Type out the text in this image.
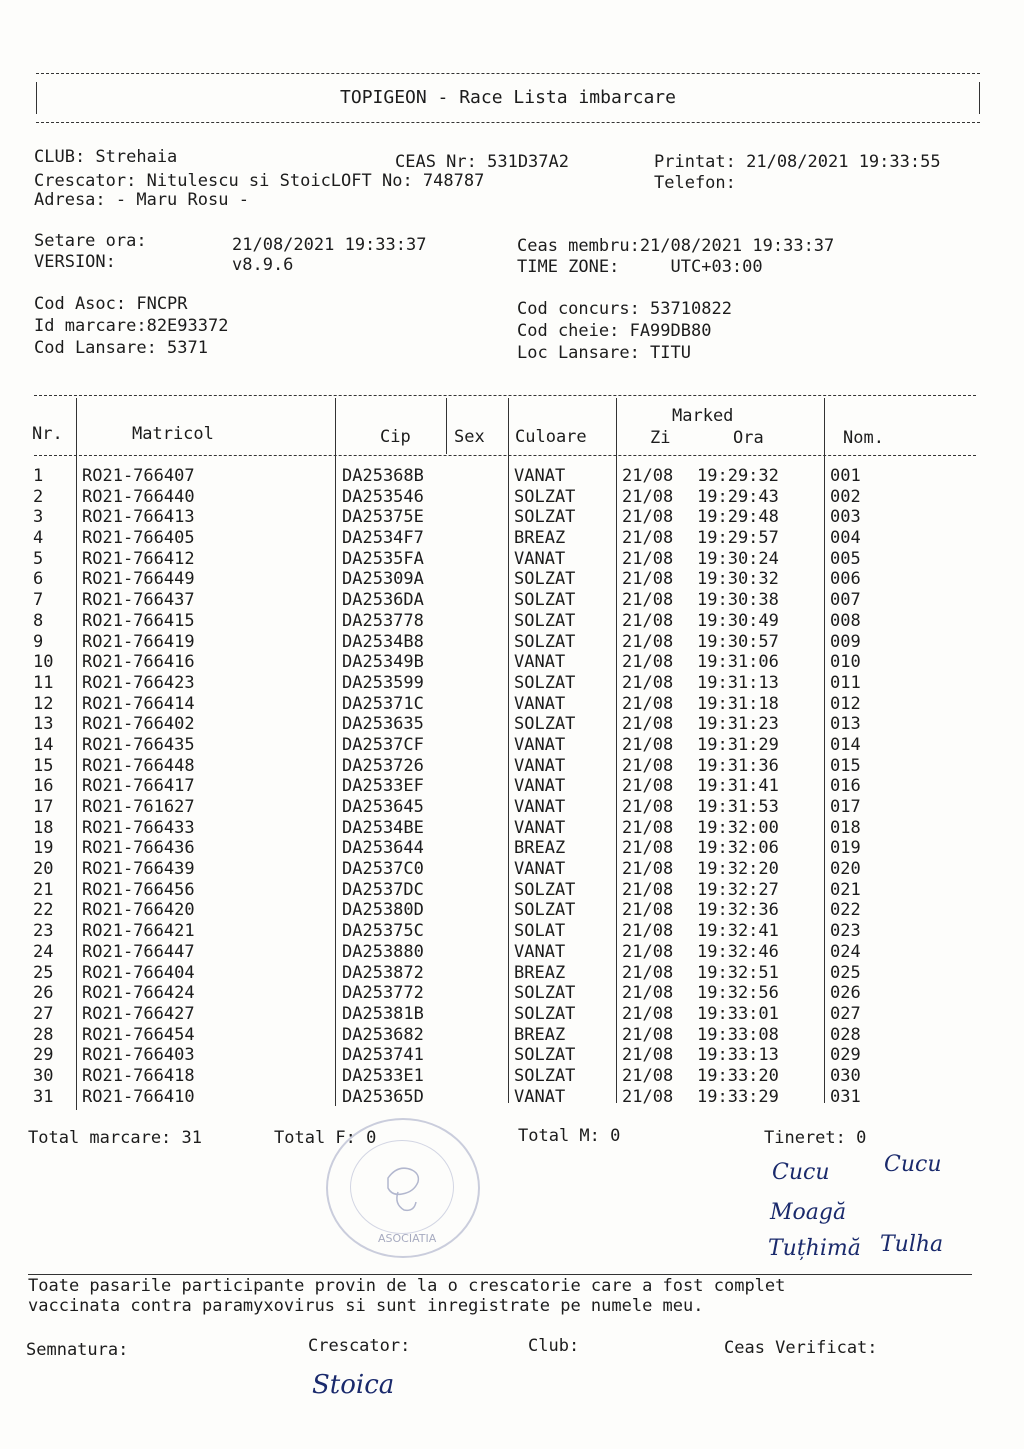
TOPIGEON - Race Lista imbarcare
CLUB: Strehaia	CEAS Nr: 531D37A2	Printat: 21/08/2021 19:33:55
Crescator: Nitulescu si StoicLOFT No: 748787	Telefon:
Adresa: - Maru Rosu -
Setare ora:	21/08/2021 19:33:37
VERSION:	v8.9.6
Ceas membru:21/08/2021 19:33:37
TIME ZONE:     UTC+03:00
Cod Asoc: FNCPR
Id marcare:82E93372
Cod Lansare: 5371
Cod concurs: 53710822
Cod cheie: FA99DB80
Loc Lansare: TITU
Nr.	Matricol	Cip	Sex Culoare
Marked
Zi	Ora	Nom.
1 RO21-766407	DA25368B	VANAT	21/08 19:29:32	001
2 RO21-766440	DA253546	SOLZAT	21/08 19:29:43	002
3 RO21-766413	DA25375E	SOLZAT	21/08 19:29:48	003
4 RO21-766405	DA2534F7	BREAZ	21/08 19:29:57	004
5 RO21-766412	DA2535FA	VANAT	21/08 19:30:24	005
6 RO21-766449	DA25309A	SOLZAT	21/08 19:30:32	006
7 RO21-766437	DA2536DA	SOLZAT	21/08 19:30:38	007
8 RO21-766415	DA253778	SOLZAT	21/08 19:30:49	008
9 RO21-766419	DA2534B8	SOLZAT	21/08 19:30:57	009
10 RO21-766416	DA25349B	VANAT	21/08 19:31:06	010
11 RO21-766423	DA253599	SOLZAT	21/08 19:31:13	011
12 RO21-766414	DA25371C	VANAT	21/08 19:31:18	012
13 RO21-766402	DA253635	SOLZAT	21/08 19:31:23	013
14 RO21-766435	DA2537CF	VANAT	21/08 19:31:29	014
15 RO21-766448	DA253726	VANAT	21/08 19:31:36	015
16 RO21-766417	DA2533EF	VANAT	21/08 19:31:41	016
17 RO21-761627	DA253645	VANAT	21/08 19:31:53	017
18 RO21-766433	DA2534BE	VANAT	21/08 19:32:00	018
19 RO21-766436	DA253644	BREAZ	21/08 19:32:06	019
20 RO21-766439	DA2537C0	VANAT	21/08 19:32:20	020
21 RO21-766456	DA2537DC	SOLZAT	21/08 19:32:27	021
22 RO21-766420	DA25380D	SOLZAT	21/08 19:32:36	022
23 RO21-766421	DA25375C	SOLAT	21/08 19:32:41	023
24 RO21-766447	DA253880	VANAT	21/08 19:32:46	024
25 RO21-766404	DA253872	BREAZ	21/08 19:32:51	025
26 RO21-766424	DA253772	SOLZAT	21/08 19:32:56	026
27 RO21-766427	DA25381B	SOLZAT	21/08 19:33:01	027
28 RO21-766454	DA253682	BREAZ	21/08 19:33:08	028
29 RO21-766403	DA253741	SOLZAT	21/08 19:33:13	029
30 RO21-766418	DA2533E1	SOLZAT	21/08 19:33:20	030
31 RO21-766410	DA25365D	VANAT	21/08 19:33:29	031
Total marcare: 31	Total F: 0	Total M: 0	Tineret: 0
ASOCIATIA
Cucu Cucu
Moagă
Tuțhimă Tulha
Toate pasarile participante provin de la o crescatorie care a fost complet
vaccinata contra paramyxovirus si sunt inregistrate pe numele meu.
Semnatura:	Crescator:	Club:	Ceas Verificat:
Stoica
